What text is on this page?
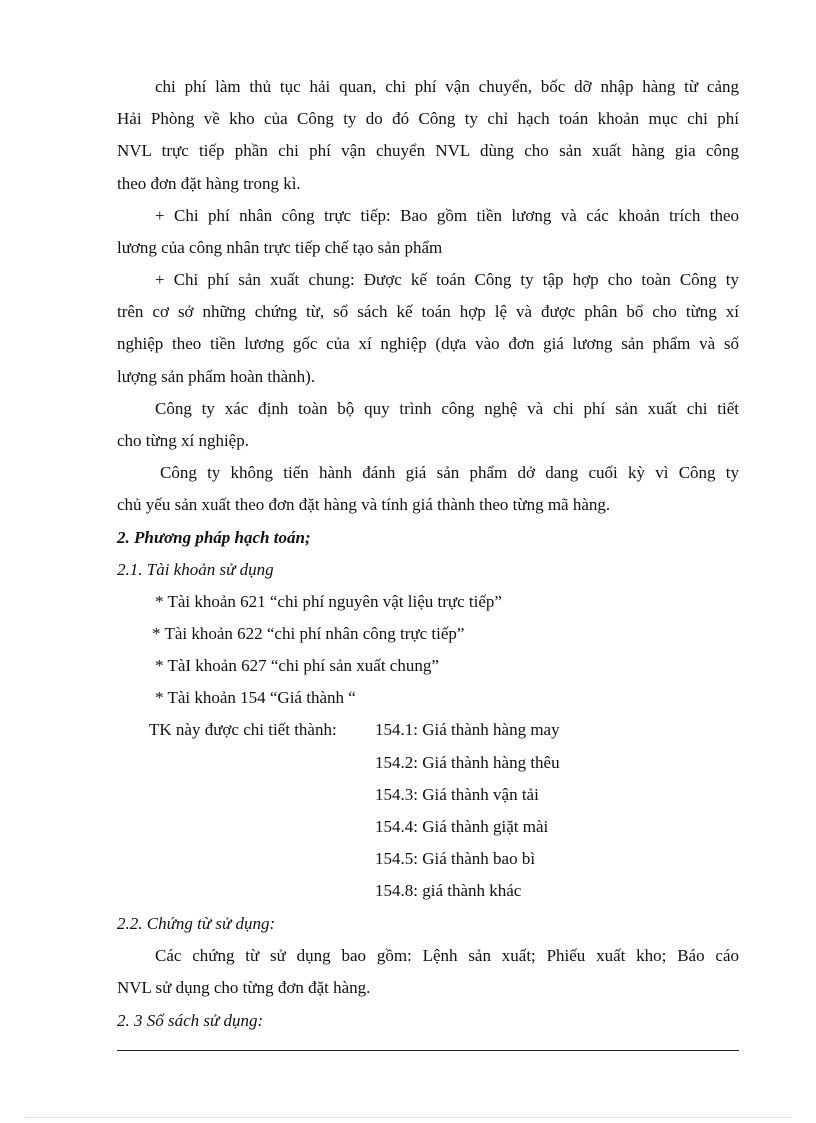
chi phí làm thủ tục hải quan, chi phí vận chuyển, bốc dỡ nhập hàng từ cảng
Hải Phòng về kho của Công ty do đó Công ty chỉ hạch toán khoản mục chi phí
NVL trực tiếp phần chi phí vận chuyển NVL dùng cho sản xuất hàng gia công
theo đơn đặt hàng trong kì.
+ Chi phí nhân công trực tiếp: Bao gồm tiền lương và các khoản trích theo
lương của công nhân trực tiếp chế tạo sản phẩm
+ Chi phí sản xuất chung: Được kế toán Công ty tập hợp cho toàn Công ty
trên cơ sở những chứng từ, sổ sách kế toán hợp lệ và được phân bổ cho từng xí
nghiệp theo tiền lương gốc của xí nghiệp (dựa vào đơn giá lương sản phẩm và số
lượng sản phẩm hoàn thành).
Công ty xác định toàn bộ quy trình công nghệ và chi phí sản xuất chi tiết
cho từng xí nghiệp.
Công ty không tiến hành đánh giá sản phẩm dở dang cuối kỳ vì Công ty
chủ yếu sản xuất theo đơn đặt hàng và tính giá thành theo từng mã hàng.
2. Phương pháp hạch toán;
2.1. Tài khoản sử dụng
* Tài khoản 621 “chi phí nguyên vật liệu trực tiếp”
* Tài khoản 622 “chi phí nhân công trực tiếp”
* TàI khoản 627 “chi phí sản xuất chung”
* Tài khoản 154 “Giá thành “
TK này được chi tiết thành: 154.1: Giá thành hàng may
154.2: Giá thành hàng thêu
154.3: Giá thành vận tải
154.4: Giá thành giặt mài
154.5: Giá thành bao bì
154.8: giá thành khác
2.2. Chứng từ sử dụng:
Các chứng từ sử dụng bao gồm: Lệnh sản xuất; Phiếu xuất kho; Báo cáo
NVL sử dụng cho từng đơn đặt hàng.
2. 3 Sổ sách sử dụng:
